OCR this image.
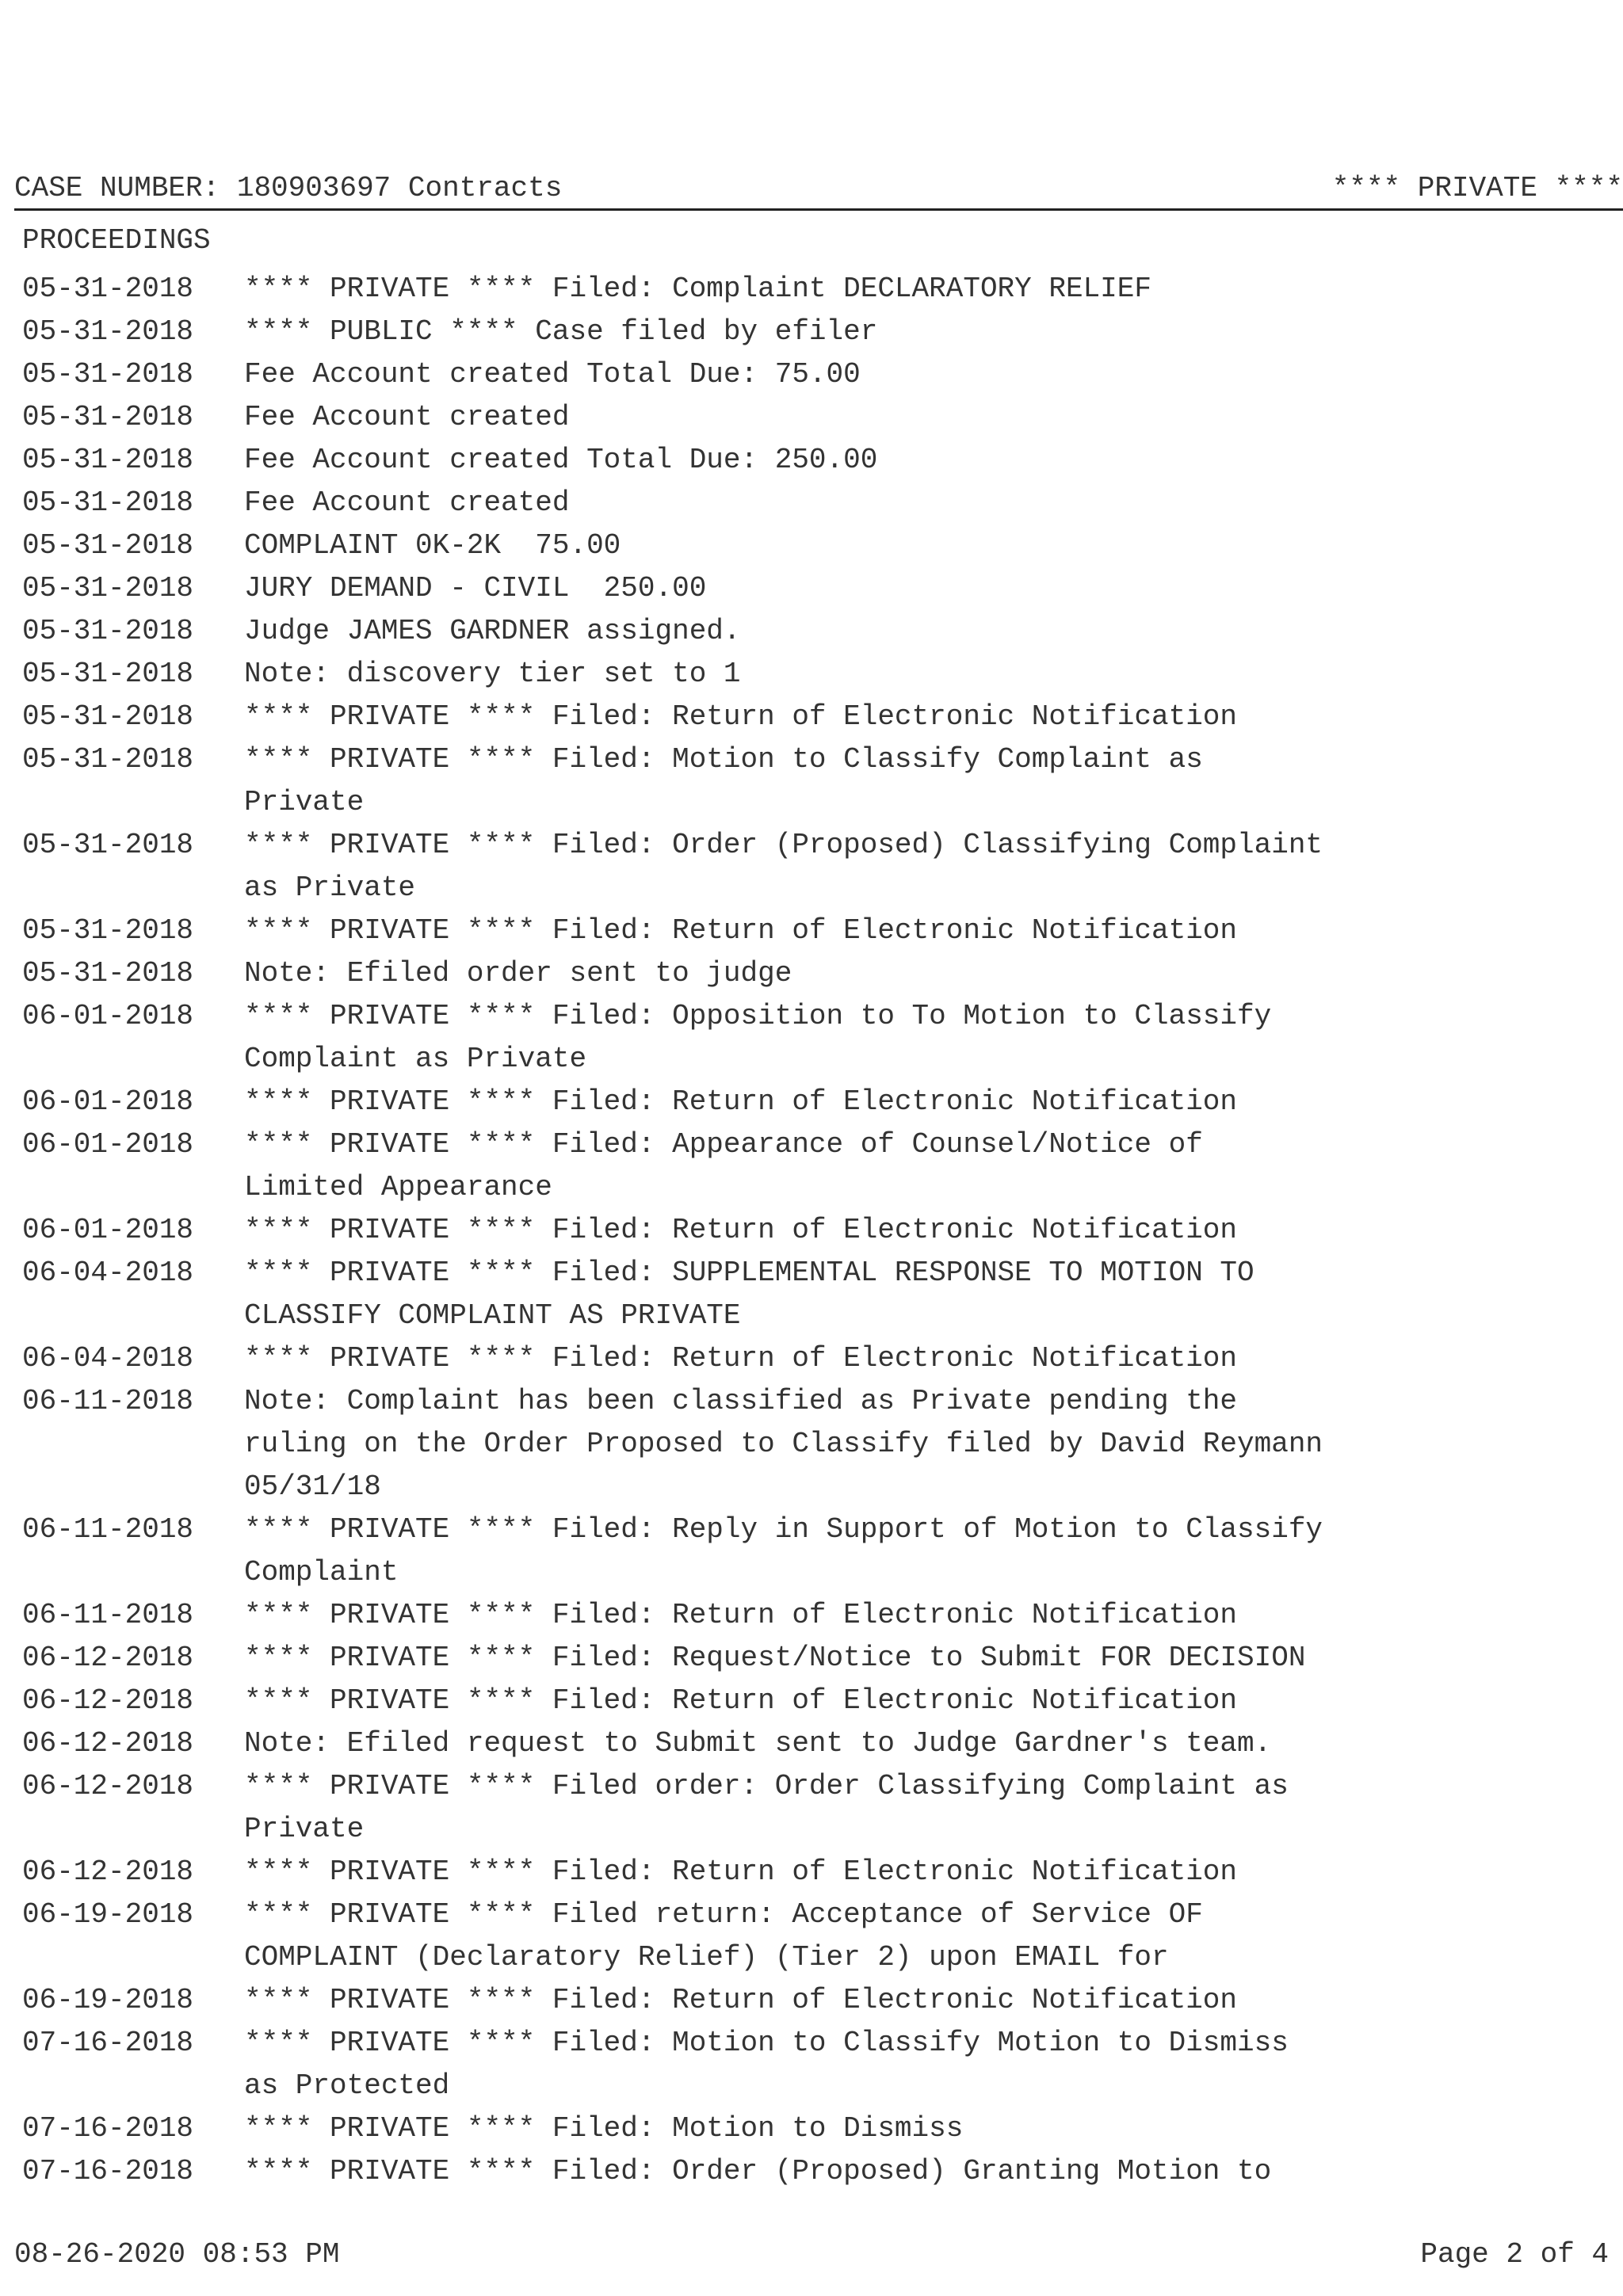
CASE NUMBER: 180903697 Contracts	**** PRIVATE ****
PROCEEDINGS
05-31-2018	**** PRIVATE **** Filed: Complaint DECLARATORY RELIEF
05-31-2018	**** PUBLIC **** Case filed by efiler
05-31-2018	Fee Account created Total Due: 75.00
05-31-2018	Fee Account created
05-31-2018	Fee Account created Total Due: 250.00
05-31-2018	Fee Account created
05-31-2018	COMPLAINT 0K-2K  75.00
05-31-2018	JURY DEMAND - CIVIL  250.00
05-31-2018	Judge JAMES GARDNER assigned.
05-31-2018	Note: discovery tier set to 1
05-31-2018	**** PRIVATE **** Filed: Return of Electronic Notification
05-31-2018	**** PRIVATE **** Filed: Motion to Classify Complaint as
Private
05-31-2018	**** PRIVATE **** Filed: Order (Proposed) Classifying Complaint
as Private
05-31-2018	**** PRIVATE **** Filed: Return of Electronic Notification
05-31-2018	Note: Efiled order sent to judge
06-01-2018	**** PRIVATE **** Filed: Opposition to To Motion to Classify
Complaint as Private
06-01-2018	**** PRIVATE **** Filed: Return of Electronic Notification
06-01-2018	**** PRIVATE **** Filed: Appearance of Counsel/Notice of
Limited Appearance
06-01-2018	**** PRIVATE **** Filed: Return of Electronic Notification
06-04-2018	**** PRIVATE **** Filed: SUPPLEMENTAL RESPONSE TO MOTION TO
CLASSIFY COMPLAINT AS PRIVATE
06-04-2018	**** PRIVATE **** Filed: Return of Electronic Notification
06-11-2018	Note: Complaint has been classified as Private pending the
ruling on the Order Proposed to Classify filed by David Reymann
05/31/18
06-11-2018	**** PRIVATE **** Filed: Reply in Support of Motion to Classify
Complaint
06-11-2018	**** PRIVATE **** Filed: Return of Electronic Notification
06-12-2018	**** PRIVATE **** Filed: Request/Notice to Submit FOR DECISION
06-12-2018	**** PRIVATE **** Filed: Return of Electronic Notification
06-12-2018	Note: Efiled request to Submit sent to Judge Gardner's team.
06-12-2018	**** PRIVATE **** Filed order: Order Classifying Complaint as
Private
06-12-2018	**** PRIVATE **** Filed: Return of Electronic Notification
06-19-2018	**** PRIVATE **** Filed return: Acceptance of Service OF
COMPLAINT (Declaratory Relief) (Tier 2) upon EMAIL for
06-19-2018	**** PRIVATE **** Filed: Return of Electronic Notification
07-16-2018	**** PRIVATE **** Filed: Motion to Classify Motion to Dismiss
as Protected
07-16-2018	**** PRIVATE **** Filed: Motion to Dismiss
07-16-2018	**** PRIVATE **** Filed: Order (Proposed) Granting Motion to
08-26-2020 08:53 PM	Page 2 of 4
